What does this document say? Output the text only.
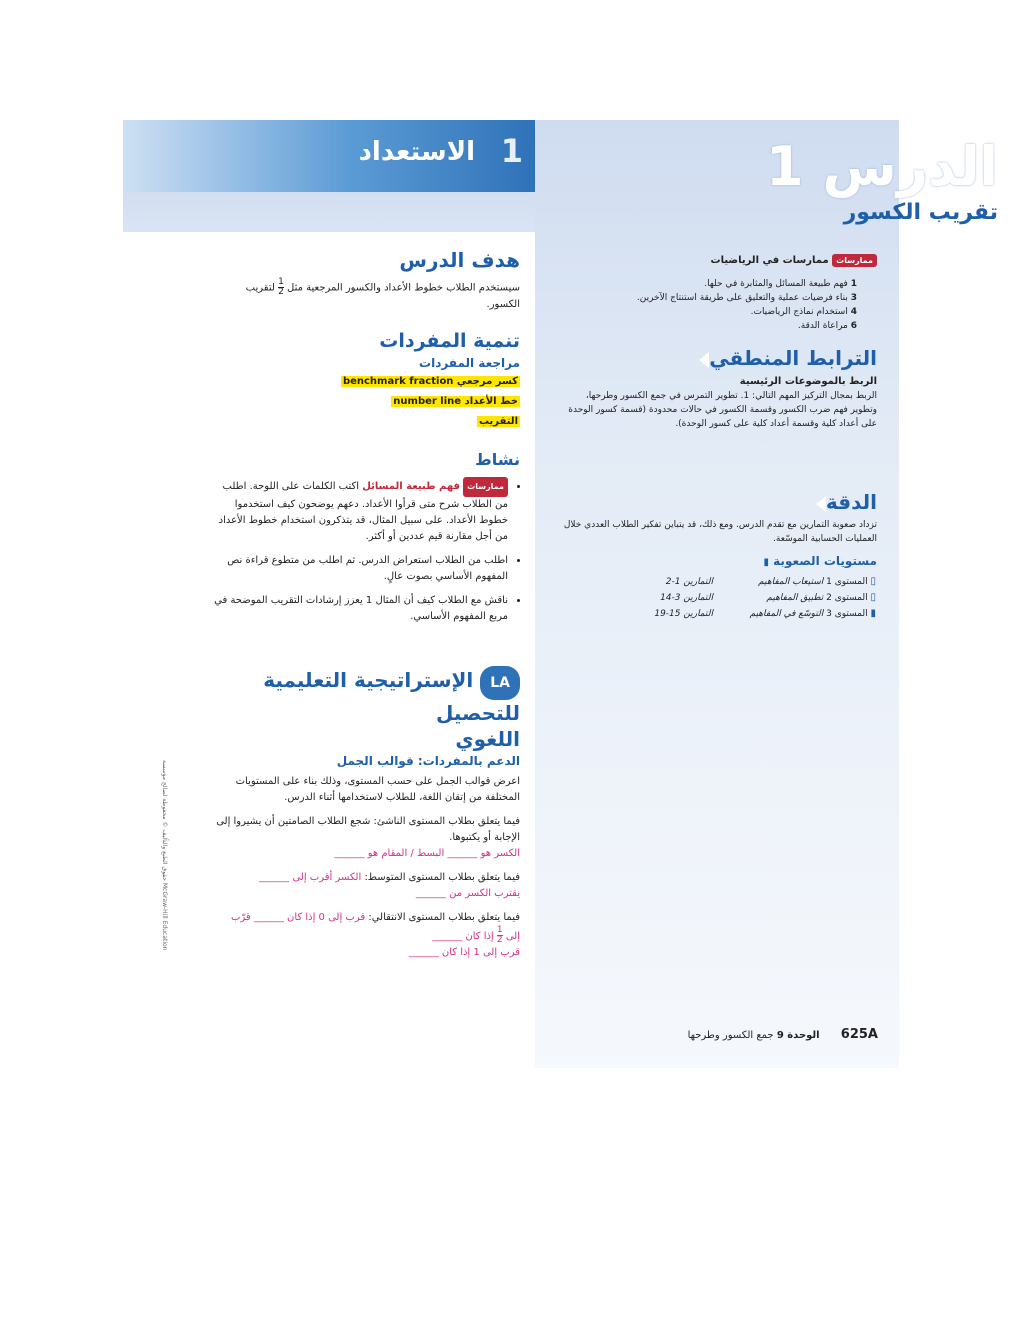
الاستعداد 1	الدرس 1
تقريب الكسور
ممارسات ممارسات في الرياضيات
1 فهم طبيعة المسائل والمثابرة في حلها.
3 بناء فرضيات عملية والتعليق على طريقة استنتاج الآخرين.
4 استخدام نماذج الرياضيات.
6 مراعاة الدقة.
الترابط المنطقي
الربط بالموضوعات الرئيسية
الربط بمجال التركيز المهم التالي: 1. تطوير التمرس في جمع الكسور وطرحها، وتطوير فهم ضرب الكسور وقسمة الكسور في حالات محدودة (قسمة كسور الوحدة على أعداد كلية وقسمة أعداد كلية على كسور الوحدة).
الدقة
تزداد صعوبة التمارين مع تقدم الدرس. ومع ذلك، قد يتباين تفكير الطلاب العددي خلال العمليات الحسابية الموسّعة.
مستويات الصعوبة ▮
▯ المستوى 1 استيعاب المفاهيم	التمارين 1-2
▯ المستوى 2 تطبيق المفاهيم	التمارين 3-14
▮ المستوى 3 التوسّع في المفاهيم	التمارين 15-19
هدف الدرس
سيستخدم الطلاب خطوط الأعداد والكسور المرجعية مثل
$\frac{1}{2}$
لتقريب الكسور.
تنمية المفردات
مراجعة المفردات
كسر مرجعي benchmark fraction
خط الأعداد number line
التقريب
نشاط
• ممارسات فهم طبيعة المسائل اكتب الكلمات على اللوحة. اطلب من الطلاب شرح متى قرأوا الأعداد. دعهم يوضحون كيف استخدموا خطوط الأعداد. على سبيل المثال، قد يتذكرون استخدام خطوط الأعداد من أجل مقارنة قيم عددين أو أكثر.
• اطلب من الطلاب استعراض الدرس. ثم اطلب من متطوع قراءة نص المفهوم الأساسي بصوت عالٍ.
• ناقش مع الطلاب كيف أن المثال 1 يعزز إرشادات التقريب الموضحة في مربع المفهوم الأساسي.
LA الإستراتيجية التعليمية للتحصيل
اللغوي
الدعم بالمفردات: قوالب الجمل
اعرض قوالب الجمل على حسب المستوى، وذلك بناء على المستويات المختلفة من إتقان اللغة، للطلاب لاستخدامها أثناء الدرس.
فيما يتعلق بطلاب المستوى الناشئ: شجع الطلاب الصامتين أن يشيروا إلى الإجابة أو يكتبوها.
الكسر هو ______ البسط / المقام هو ______
فيما يتعلق بطلاب المستوى المتوسط: الكسر أقرب إلى ______
يقترب الكسر من ______
فيما يتعلق بطلاب المستوى الانتقالي: قرب إلى 0 إذا كان ______ قرّب
إلى
$\frac{1}{2}$
إذا كان ______
قرب إلى 1 إذا كان ______
حقوق الطبع والتأليف © محفوظة لصالح مؤسسة McGraw-Hill Education
625A الوحدة 9 جمع الكسور وطرحها
